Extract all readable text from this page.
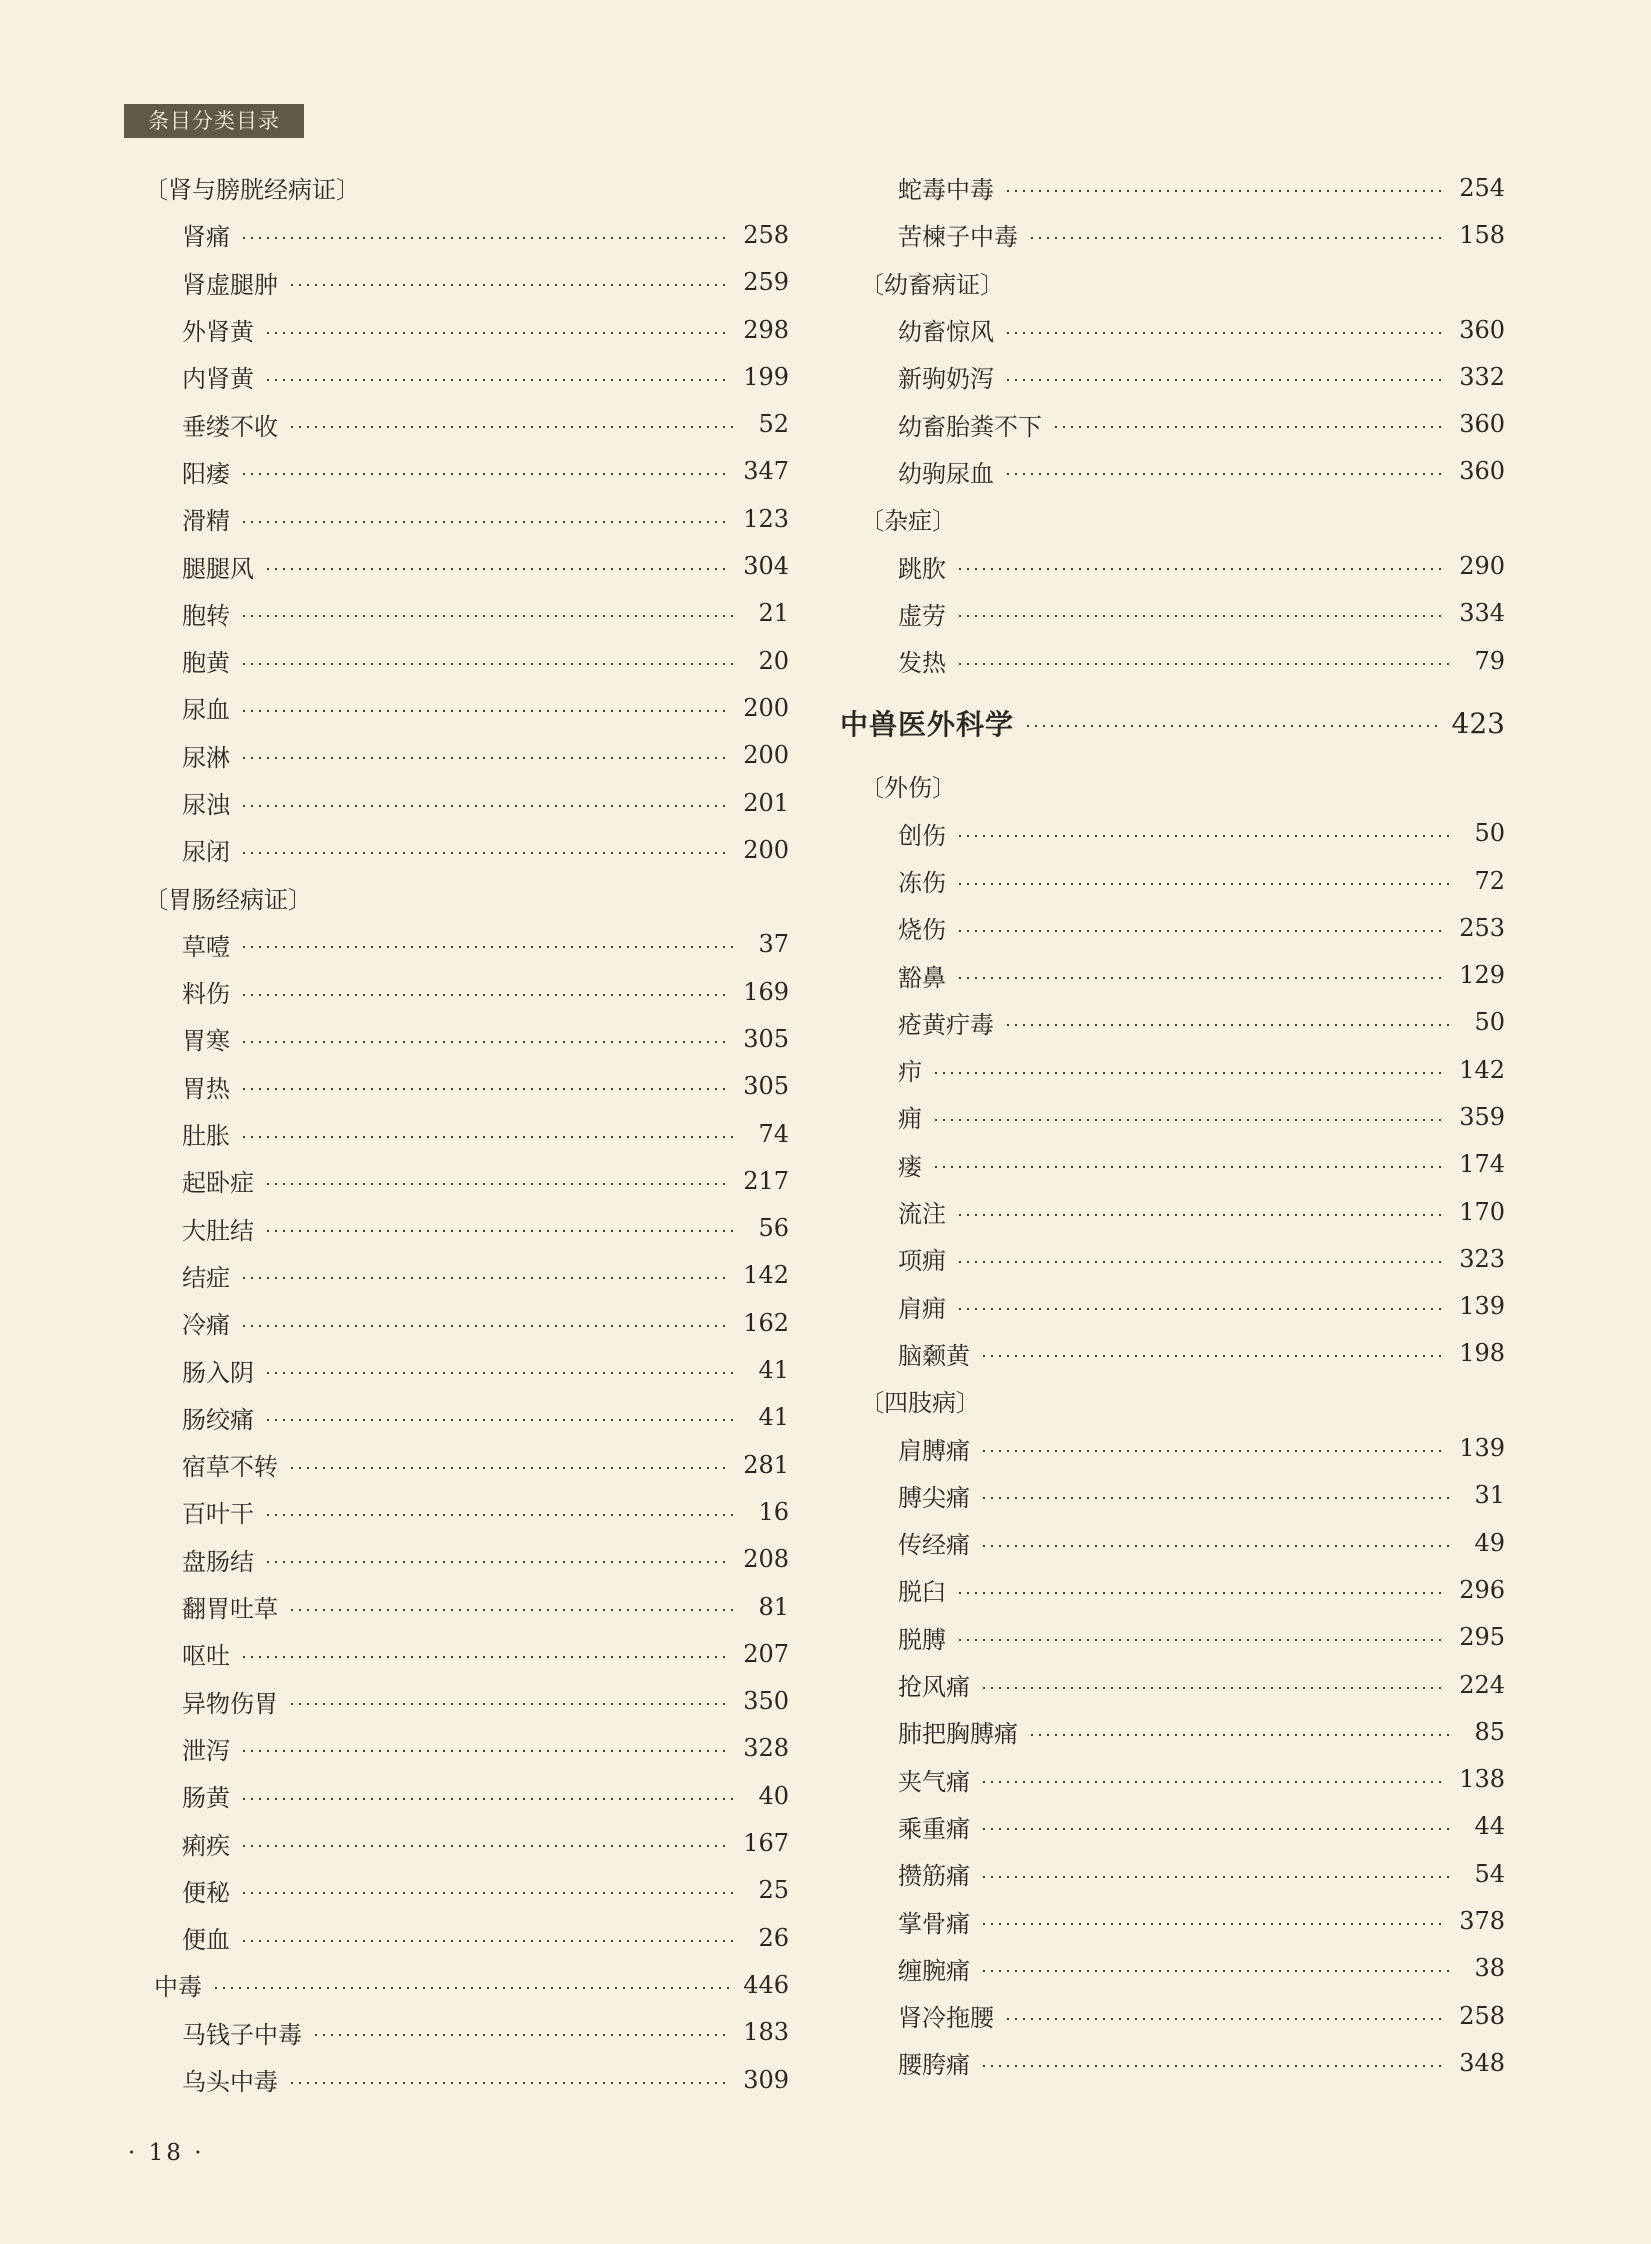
条目分类目录
〔肾与膀胱经病证〕
肾痛	258
肾虚腿肿	259
外肾黄	298
内肾黄	199
垂缕不收	52
阳痿	347
滑精	123
腿腿风	304
胞转	21
胞黄	20
尿血	200
尿淋	200
尿浊	201
尿闭	200
〔胃肠经病证〕
草噎	37
料伤	169
胃寒	305
胃热	305
肚胀	74
起卧症	217
大肚结	56
结症	142
冷痛	162
肠入阴	41
肠绞痛	41
宿草不转	281
百叶干	16
盘肠结	208
翻胃吐草	81
呕吐	207
异物伤胃	350
泄泻	328
肠黄	40
痢疾	167
便秘	25
便血	26
中毒	446
马钱子中毒	183
乌头中毒	309
蛇毒中毒	254
苦楝子中毒	158
〔幼畜病证〕
幼畜惊风	360
新驹奶泻	332
幼畜胎粪不下	360
幼驹尿血	360
〔杂症〕
跳肷	290
虚劳	334
发热	79
中兽医外科学	423
〔外伤〕
创伤	50
冻伤	72
烧伤	253
豁鼻	129
疮黄疔毒	50
疖	142
痈	359
瘘	174
流注	170
项痈	323
肩痈	139
脑颡黄	198
〔四肢病〕
肩膊痛	139
膊尖痛	31
传经痛	49
脱臼	296
脱膊	295
抢风痛	224
肺把胸膊痛	85
夹气痛	138
乘重痛	44
攒筋痛	54
掌骨痛	378
缠腕痛	38
肾冷拖腰	258
腰胯痛	348
· 18 ·
